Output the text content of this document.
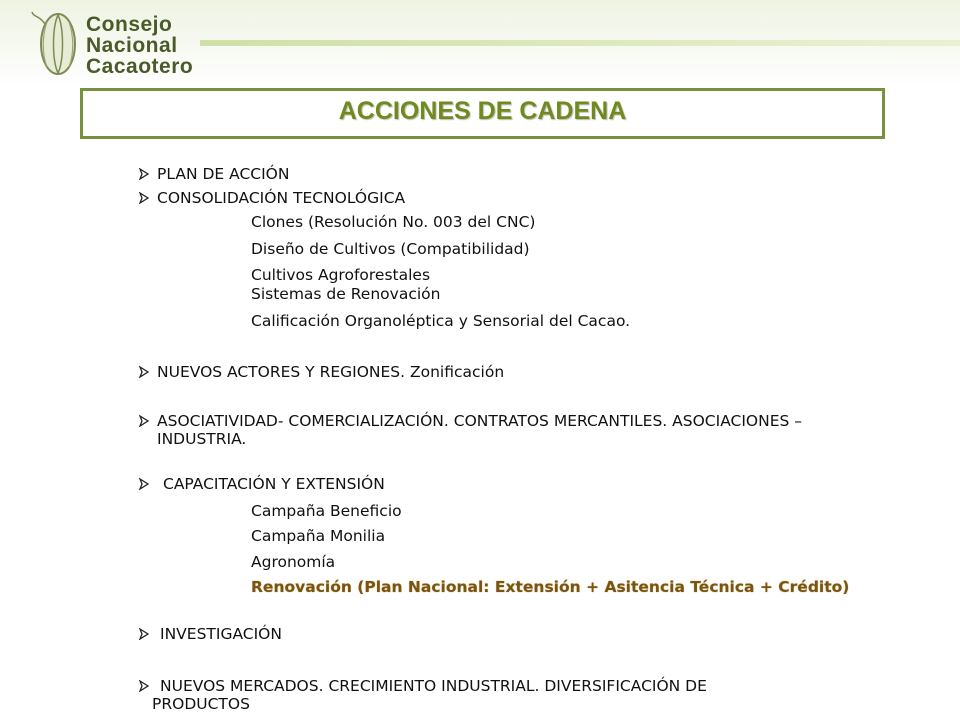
Consejo
Nacional
Cacaotero
ACCIONES DE CADENA
PLAN DE ACCIÓN
CONSOLIDACIÓN TECNOLÓGICA
Clones (Resolución No. 003 del CNC)
Diseño de Cultivos (Compatibilidad)
Cultivos Agroforestales
Sistemas de Renovación
Calificación Organoléptica y Sensorial del Cacao.
NUEVOS ACTORES Y REGIONES. Zonificación
ASOCIATIVIDAD- COMERCIALIZACIÓN. CONTRATOS MERCANTILES. ASOCIACIONES –
INDUSTRIA.
CAPACITACIÓN Y EXTENSIÓN
Campaña Beneficio
Campaña Monilia
Agronomía
Renovación (Plan Nacional: Extensión + Asitencia Técnica + Crédito)
INVESTIGACIÓN
NUEVOS MERCADOS. CRECIMIENTO INDUSTRIAL. DIVERSIFICACIÓN DE
PRODUCTOS
